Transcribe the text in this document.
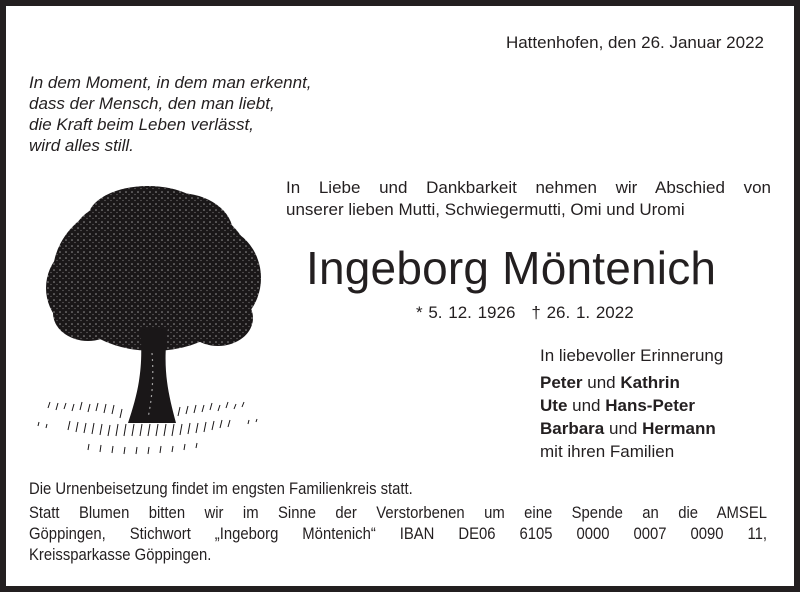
Hattenhofen, den 26. Januar 2022
In dem Moment, in dem man erkennt,
dass der Mensch, den man liebt,
die Kraft beim Leben verlässt,
wird alles still.
In Liebe und Dankbarkeit nehmen wir Abschied von
unserer lieben Mutti, Schwiegermutti, Omi und Uromi
Ingeborg Möntenich
* 5. 12. 1926 † 26. 1. 2022
In liebevoller Erinnerung
Peter und Kathrin
Ute und Hans-Peter
Barbara und Hermann
mit ihren Familien
Die Urnenbeisetzung findet im engsten Familienkreis statt.
Statt Blumen bitten wir im Sinne der Verstorbenen um eine Spende an die AMSEL
Göppingen, Stichwort „Ingeborg Möntenich“ IBAN DE06 6105 0000 0007 0090 11,
Kreissparkasse Göppingen.
